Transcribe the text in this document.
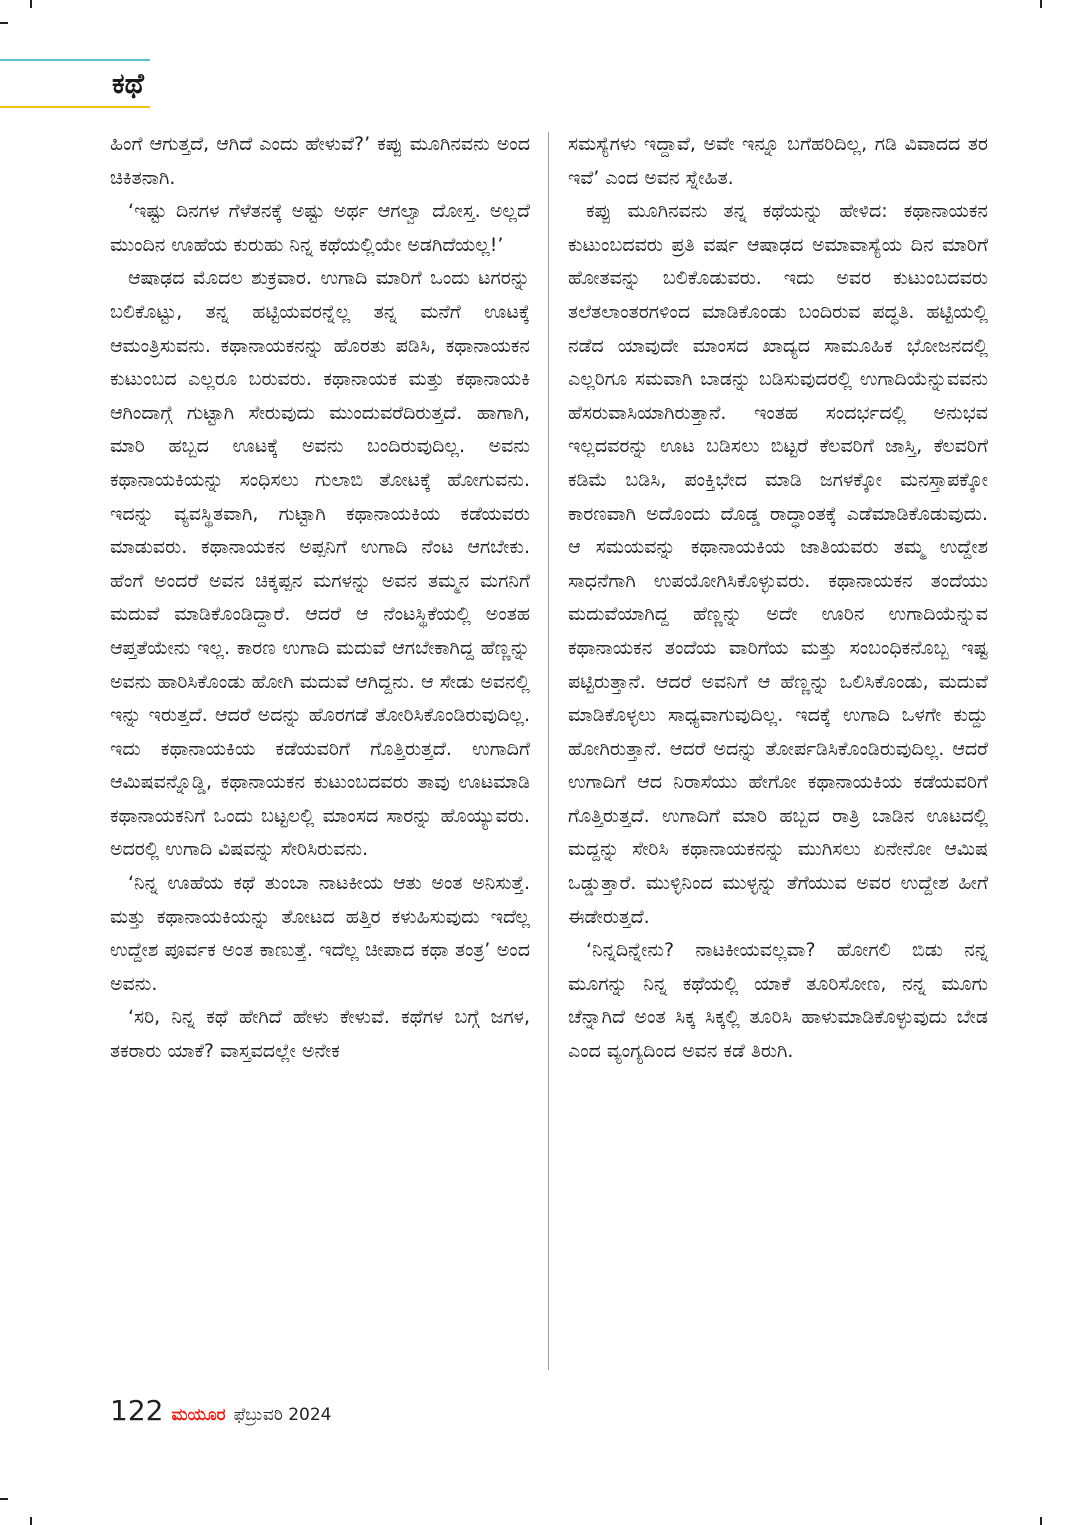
ಕಥೆ

ಹಿಂಗೆ ಆಗುತ್ತದೆ, ಆಗಿದೆ ಎಂದು ಹೇಳುವೆ?’ ಕಪ್ಪು ಮೂಗಿನವನು ಅಂದ ಚಿಕಿತನಾಗಿ.

‘ಇಷ್ಟು ದಿನಗಳ ಗೆಳೆತನಕ್ಕೆ ಅಷ್ಟು ಅರ್ಥ ಆಗಲ್ವಾ ದೋಸ್ತ. ಅಲ್ಲದೆ ಮುಂದಿನ ಊಹೆಯ ಕುರುಹು ನಿನ್ನ ಕಥೆಯಲ್ಲಿಯೇ ಅಡಗಿದೆಯಲ್ಲ!’

ಆಷಾಢದ ಮೊದಲ ಶುಕ್ರವಾರ. ಉಗಾದಿ ಮಾರಿಗೆ ಒಂದು ಟಗರನ್ನು ಬಲಿಕೊಟ್ಟು, ತನ್ನ ಹಟ್ಟಿಯವರನ್ನೆಲ್ಲ ತನ್ನ ಮನೆಗೆ ಊಟಕ್ಕೆ ಆಮಂತ್ರಿಸುವನು. ಕಥಾನಾಯಕನನ್ನು ಹೊರತು ಪಡಿಸಿ, ಕಥಾನಾಯಕನ ಕುಟುಂಬದ ಎಲ್ಲರೂ ಬರುವರು. ಕಥಾನಾಯಕ ಮತ್ತು ಕಥಾನಾಯಕಿ ಆಗಿಂದಾಗ್ಗೆ ಗುಟ್ಟಾಗಿ ಸೇರುವುದು ಮುಂದುವರೆದಿರುತ್ತದೆ. ಹಾಗಾಗಿ, ಮಾರಿ ಹಬ್ಬದ ಊಟಕ್ಕೆ ಅವನು ಬಂದಿರುವುದಿಲ್ಲ. ಅವನು ಕಥಾನಾಯಕಿಯನ್ನು ಸಂಧಿಸಲು ಗುಲಾಬಿ ತೋಟಕ್ಕೆ ಹೋಗುವನು. ಇದನ್ನು ವ್ಯವಸ್ಥಿತವಾಗಿ, ಗುಟ್ಟಾಗಿ ಕಥಾನಾಯಕಿಯ ಕಡೆಯವರು ಮಾಡುವರು. ಕಥಾನಾಯಕನ ಅಪ್ಪನಿಗೆ ಉಗಾದಿ ನೆಂಟ ಆಗಬೇಕು. ಹೆಂಗೆ ಅಂದರೆ ಅವನ ಚಿಕ್ಕಪ್ಪನ ಮಗಳನ್ನು ಅವನ ತಮ್ಮನ ಮಗನಿಗೆ ಮದುವೆ ಮಾಡಿಕೊಂಡಿದ್ದಾರೆ. ಆದರೆ ಆ ನೆಂಟಸ್ಥಿಕೆಯಲ್ಲಿ ಅಂತಹ ಆಪ್ತತೆಯೇನು ಇಲ್ಲ. ಕಾರಣ ಉಗಾದಿ ಮದುವೆ ಆಗಬೇಕಾಗಿದ್ದ ಹೆಣ್ಣನ್ನು ಅವನು ಹಾರಿಸಿಕೊಂಡು ಹೋಗಿ ಮದುವೆ ಆಗಿದ್ದನು. ಆ ಸೇಡು ಅವನಲ್ಲಿ ಇನ್ನು ಇರುತ್ತದೆ. ಆದರೆ ಅದನ್ನು ಹೊರಗಡೆ ತೋರಿಸಿಕೊಂಡಿರುವುದಿಲ್ಲ. ಇದು ಕಥಾನಾಯಕಿಯ ಕಡೆಯವರಿಗೆ ಗೊತ್ತಿರುತ್ತದೆ. ಉಗಾದಿಗೆ ಆಮಿಷವನ್ನೊಡ್ಡಿ, ಕಥಾನಾಯಕನ ಕುಟುಂಬದವರು ತಾವು ಊಟಮಾಡಿ ಕಥಾನಾಯಕನಿಗೆ ಒಂದು ಬಟ್ಟಲಲ್ಲಿ ಮಾಂಸದ ಸಾರನ್ನು ಹೊಯ್ಯುವರು. ಅದರಲ್ಲಿ ಉಗಾದಿ ವಿಷವನ್ನು ಸೇರಿಸಿರುವನು.

‘ನಿನ್ನ ಊಹೆಯ ಕಥೆ ತುಂಬಾ ನಾಟಕೀಯ ಆತು ಅಂತ ಅನಿಸುತ್ತೆ. ಮತ್ತು ಕಥಾನಾಯಕಿಯನ್ನು ತೋಟದ ಹತ್ತಿರ ಕಳುಹಿಸುವುದು ಇದೆಲ್ಲ ಉದ್ದೇಶ ಪೂರ್ವಕ ಅಂತ ಕಾಣುತ್ತೆ. ಇದೆಲ್ಲ ಚೀಪಾದ ಕಥಾ ತಂತ್ರ’ ಅಂದ ಅವನು.

‘ಸರಿ, ನಿನ್ನ ಕಥೆ ಹೇಗಿದೆ ಹೇಳು ಕೇಳುವೆ. ಕಥೆಗಳ ಬಗ್ಗೆ ಜಗಳ, ತಕರಾರು ಯಾಕೆ? ವಾಸ್ತವದಲ್ಲೇ ಅನೇಕ

ಸಮಸ್ಯೆಗಳು ಇದ್ದಾವೆ, ಅವೇ ಇನ್ನೂ ಬಗೆಹರಿದಿಲ್ಲ, ಗಡಿ ವಿವಾದದ ತರ ಇವೆ’ ಎಂದ ಅವನ ಸ್ನೇಹಿತ.

ಕಪ್ಪು ಮೂಗಿನವನು ತನ್ನ ಕಥೆಯನ್ನು ಹೇಳಿದ: ಕಥಾನಾಯಕನ ಕುಟುಂಬದವರು ಪ್ರತಿ ವರ್ಷ ಆಷಾಢದ ಅಮಾವಾಸ್ಯೆಯ ದಿನ ಮಾರಿಗೆ ಹೋತವನ್ನು ಬಲಿಕೊಡುವರು. ಇದು ಅವರ ಕುಟುಂಬದವರು ತಲೆತಲಾಂತರಗಳಿಂದ ಮಾಡಿಕೊಂಡು ಬಂದಿರುವ ಪದ್ಧತಿ. ಹಟ್ಟಿಯಲ್ಲಿ ನಡೆದ ಯಾವುದೇ ಮಾಂಸದ ಖಾದ್ಯದ ಸಾಮೂಹಿಕ ಭೋಜನದಲ್ಲಿ ಎಲ್ಲರಿಗೂ ಸಮವಾಗಿ ಬಾಡನ್ನು ಬಡಿಸುವುದರಲ್ಲಿ ಉಗಾದಿಯೆನ್ನುವವನು ಹೆಸರುವಾಸಿಯಾಗಿರುತ್ತಾನೆ. ಇಂತಹ ಸಂದರ್ಭದಲ್ಲಿ ಅನುಭವ ಇಲ್ಲದವರನ್ನು ಊಟ ಬಡಿಸಲು ಬಿಟ್ಟರೆ ಕೆಲವರಿಗೆ ಜಾಸ್ತಿ, ಕೆಲವರಿಗೆ ಕಡಿಮೆ ಬಡಿಸಿ, ಪಂಕ್ತಿಭೇದ ಮಾಡಿ ಜಗಳಕ್ಕೋ ಮನಸ್ತಾಪಕ್ಕೋ ಕಾರಣವಾಗಿ ಅದೊಂದು ದೊಡ್ಡ ರಾದ್ಧಾಂತಕ್ಕೆ ಎಡೆಮಾಡಿಕೊಡುವುದು. ಆ ಸಮಯವನ್ನು ಕಥಾನಾಯಕಿಯ ಜಾತಿಯವರು ತಮ್ಮ ಉದ್ದೇಶ ಸಾಧನೆಗಾಗಿ ಉಪಯೋಗಿಸಿಕೊಳ್ಳುವರು. ಕಥಾನಾಯಕನ ತಂದೆಯು ಮದುವೆಯಾಗಿದ್ದ ಹೆಣ್ಣನ್ನು ಅದೇ ಊರಿನ ಉಗಾದಿಯೆನ್ನುವ ಕಥಾನಾಯಕನ ತಂದೆಯ ವಾರಿಗೆಯ ಮತ್ತು ಸಂಬಂಧಿಕನೊಬ್ಬ ಇಷ್ಟ ಪಟ್ಟಿರುತ್ತಾನೆ. ಆದರೆ ಅವನಿಗೆ ಆ ಹೆಣ್ಣನ್ನು ಒಲಿಸಿಕೊಂಡು, ಮದುವೆ ಮಾಡಿಕೊಳ್ಳಲು ಸಾಧ್ಯವಾಗುವುದಿಲ್ಲ. ಇದಕ್ಕೆ ಉಗಾದಿ ಒಳಗೇ ಕುದ್ದು ಹೋಗಿರುತ್ತಾನೆ. ಆದರೆ ಅದನ್ನು ತೋರ್ಪಡಿಸಿಕೊಂಡಿರುವುದಿಲ್ಲ. ಆದರೆ ಉಗಾದಿಗೆ ಆದ ನಿರಾಸೆಯು ಹೇಗೋ ಕಥಾನಾಯಕಿಯ ಕಡೆಯವರಿಗೆ ಗೊತ್ತಿರುತ್ತದೆ. ಉಗಾದಿಗೆ ಮಾರಿ ಹಬ್ಬದ ರಾತ್ರಿ ಬಾಡಿನ ಊಟದಲ್ಲಿ ಮದ್ದನ್ನು ಸೇರಿಸಿ ಕಥಾನಾಯಕನನ್ನು ಮುಗಿಸಲು ಏನೇನೋ ಆಮಿಷ ಒಡ್ಡುತ್ತಾರೆ. ಮುಳ್ಳಿನಿಂದ ಮುಳ್ಳನ್ನು ತೆಗೆಯುವ ಅವರ ಉದ್ದೇಶ ಹೀಗೆ ಈಡೇರುತ್ತದೆ.

‘ನಿನ್ನದಿನ್ನೇನು? ನಾಟಕೀಯವಲ್ಲವಾ? ಹೋಗಲಿ ಬಿಡು ನನ್ನ ಮೂಗನ್ನು ನಿನ್ನ ಕಥೆಯಲ್ಲಿ ಯಾಕೆ ತೂರಿಸೋಣ, ನನ್ನ ಮೂಗು ಚೆನ್ನಾಗಿದೆ ಅಂತ ಸಿಕ್ಕ ಸಿಕ್ಕಲ್ಲಿ ತೂರಿಸಿ ಹಾಳುಮಾಡಿಕೊಳ್ಳುವುದು ಬೇಡ ಎಂದ ವ್ಯಂಗ್ಯದಿಂದ ಅವನ ಕಡೆ ತಿರುಗಿ.

122 ಮಯೂರ ಫೆಬ್ರುವರಿ 2024
